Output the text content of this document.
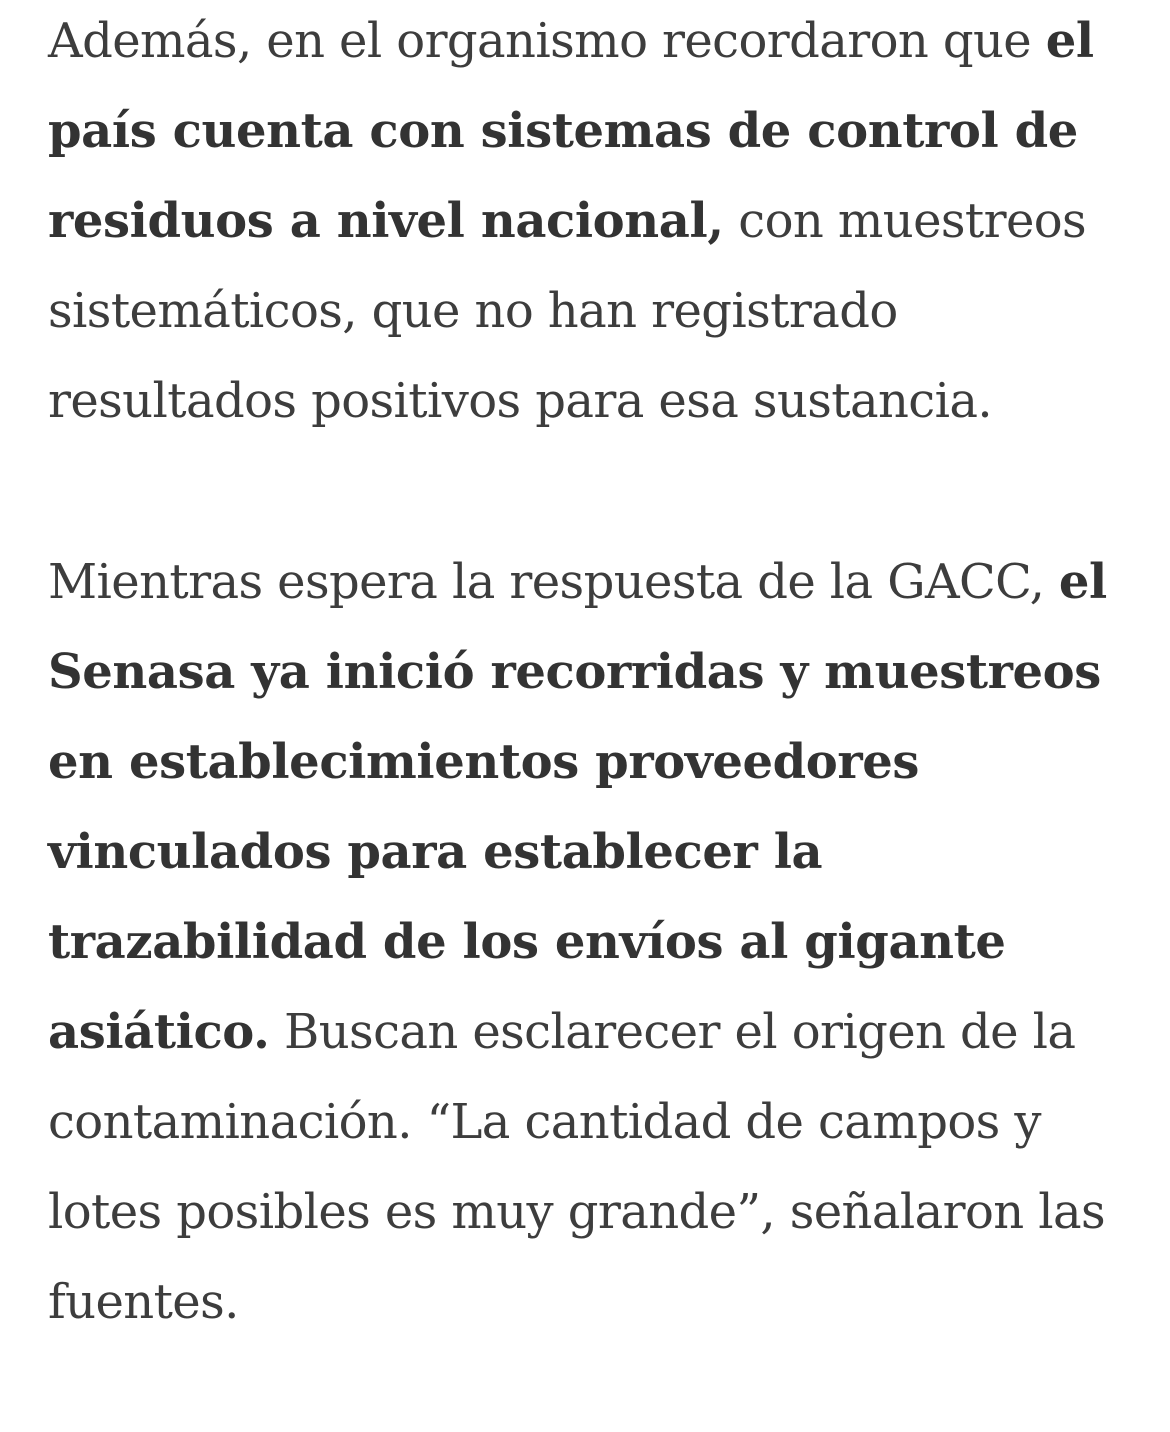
Además, en el organismo recordaron que el país cuenta con sistemas de control de residuos a nivel nacional, con muestreos sistemáticos, que no han registrado resultados positivos para esa sustancia.

Mientras espera la respuesta de la GACC, el Senasa ya inició recorridas y muestreos en establecimientos proveedores vinculados para establecer la trazabilidad de los envíos al gigante asiático. Buscan esclarecer el origen de la contaminación. “La cantidad de campos y lotes posibles es muy grande”, señalaron las fuentes.
